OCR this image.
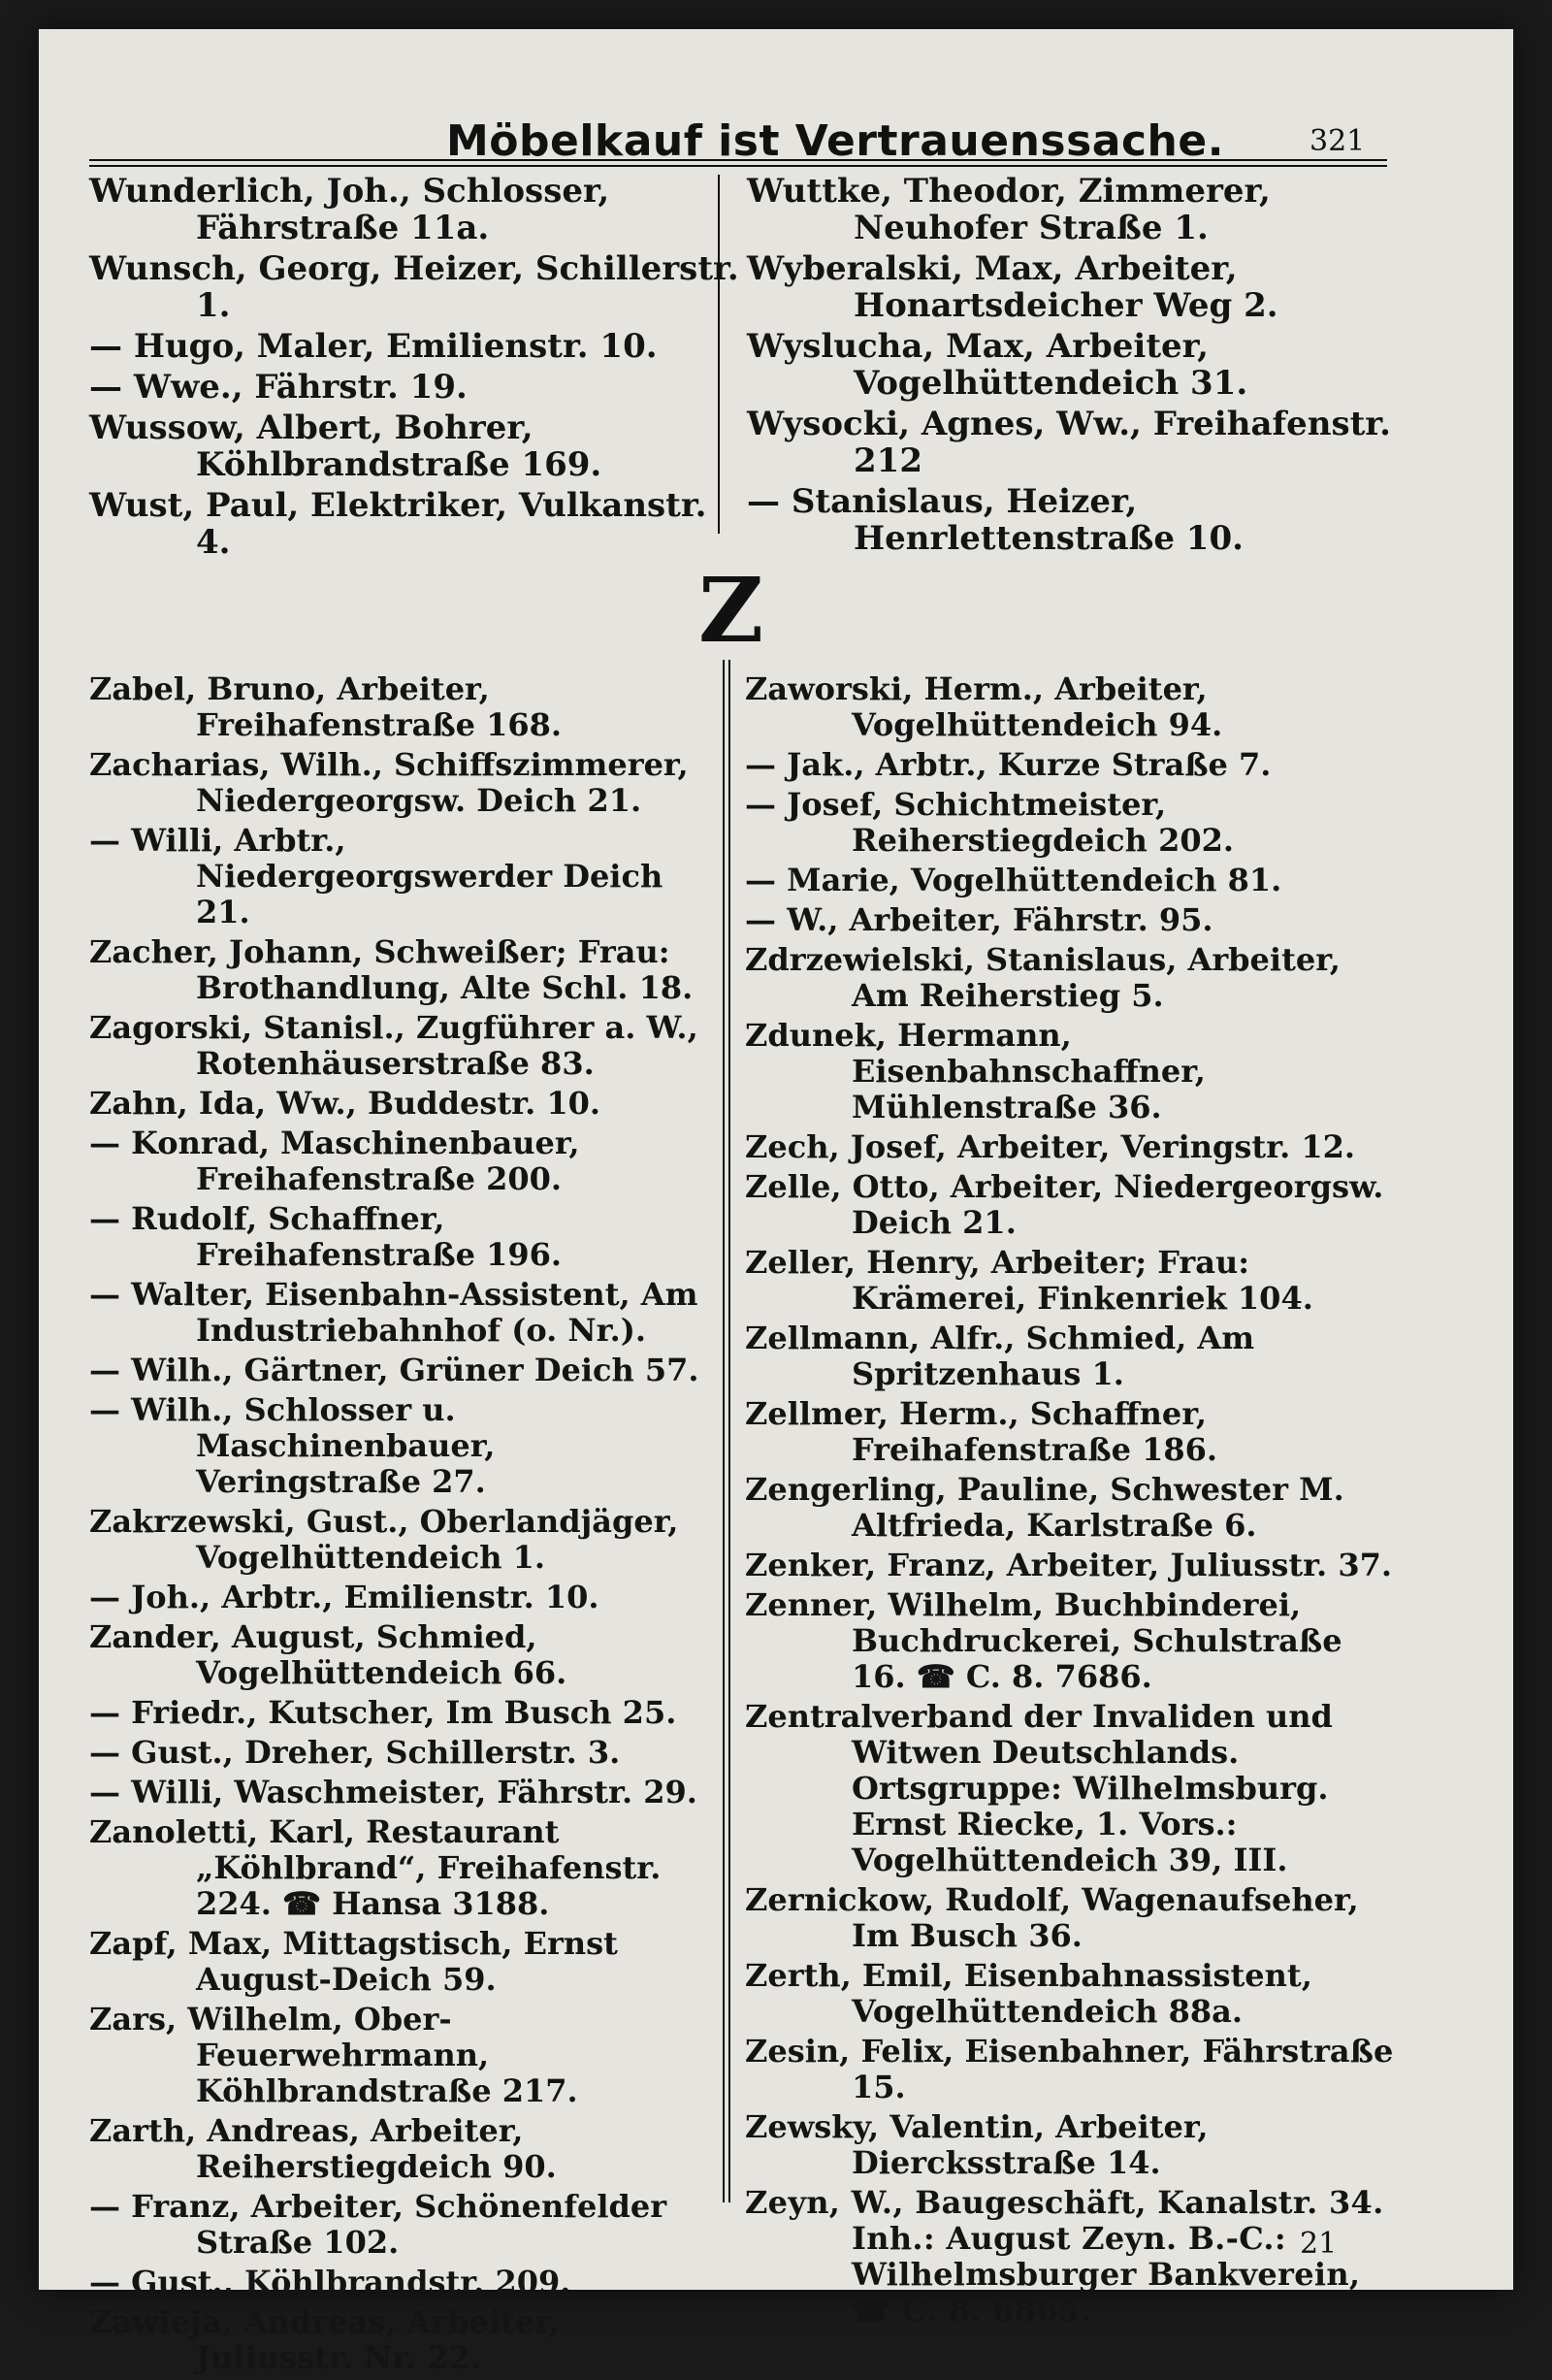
Möbelkauf ist Vertrauenssache.	321
Wunderlich, Joh., Schlosser, Fährstraße 11a.
Wunsch, Georg, Heizer, Schillerstr. 1.
— Hugo, Maler, Emilienstr. 10.
— Wwe., Fährstr. 19.
Wussow, Albert, Bohrer, Köhlbrandstraße 169.
Wust, Paul, Elektriker, Vulkanstr. 4.
Wuttke, Theodor, Zimmerer, Neuhofer Straße 1.
Wyberalski, Max, Arbeiter, Honartsdeicher Weg 2.
Wyslucha, Max, Arbeiter, Vogelhüttendeich 31.
Wysocki, Agnes, Ww., Freihafenstr. 212
— Stanislaus, Heizer, Henrlettenstraße 10.
Z
Zabel, Bruno, Arbeiter, Freihafenstraße 168.
Zacharias, Wilh., Schiffszimmerer, Niedergeorgsw. Deich 21.
— Willi, Arbtr., Niedergeorgswerder Deich 21.
Zacher, Johann, Schweißer; Frau: Brothandlung, Alte Schl. 18.
Zagorski, Stanisl., Zugführer a. W., Rotenhäuserstraße 83.
Zahn, Ida, Ww., Buddestr. 10.
— Konrad, Maschinenbauer, Freihafenstraße 200.
— Rudolf, Schaffner, Freihafenstraße 196.
— Walter, Eisenbahn-Assistent, Am Industriebahnhof (o. Nr.).
— Wilh., Gärtner, Grüner Deich 57.
— Wilh., Schlosser u. Maschinenbauer, Veringstraße 27.
Zakrzewski, Gust., Oberlandjäger, Vogelhüttendeich 1.
— Joh., Arbtr., Emilienstr. 10.
Zander, August, Schmied, Vogelhüttendeich 66.
— Friedr., Kutscher, Im Busch 25.
— Gust., Dreher, Schillerstr. 3.
— Willi, Waschmeister, Fährstr. 29.
Zanoletti, Karl, Restaurant „Köhlbrand“, Freihafenstr. 224. ☎ Hansa 3188.
Zapf, Max, Mittagstisch, Ernst August-Deich 59.
Zars, Wilhelm, Ober-Feuerwehrmann, Köhlbrandstraße 217.
Zarth, Andreas, Arbeiter, Reiherstiegdeich 90.
— Franz, Arbeiter, Schönenfelder Straße 102.
— Gust., Köhlbrandstr. 209.
Zawieja, Andreas, Arbeiter, Juliusstr. Nr. 22.
Zaworski, Herm., Arbeiter, Vogelhüttendeich 94.
— Jak., Arbtr., Kurze Straße 7.
— Josef, Schichtmeister, Reiherstiegdeich 202.
— Marie, Vogelhüttendeich 81.
— W., Arbeiter, Fährstr. 95.
Zdrzewielski, Stanislaus, Arbeiter, Am Reiherstieg 5.
Zdunek, Hermann, Eisenbahnschaffner, Mühlenstraße 36.
Zech, Josef, Arbeiter, Veringstr. 12.
Zelle, Otto, Arbeiter, Niedergeorgsw. Deich 21.
Zeller, Henry, Arbeiter; Frau: Krämerei, Finkenriek 104.
Zellmann, Alfr., Schmied, Am Spritzenhaus 1.
Zellmer, Herm., Schaffner, Freihafenstraße 186.
Zengerling, Pauline, Schwester M. Altfrieda, Karlstraße 6.
Zenker, Franz, Arbeiter, Juliusstr. 37.
Zenner, Wilhelm, Buchbinderei, Buchdruckerei, Schulstraße 16. ☎ C. 8. 7686.
Zentralverband der Invaliden und Witwen Deutschlands. Ortsgruppe: Wilhelmsburg. Ernst Riecke, 1. Vors.: Vogelhüttendeich 39, III.
Zernickow, Rudolf, Wagenaufseher, Im Busch 36.
Zerth, Emil, Eisenbahnassistent, Vogelhüttendeich 88a.
Zesin, Felix, Eisenbahner, Fährstraße 15.
Zewsky, Valentin, Arbeiter, Diercksstraße 14.
Zeyn, W., Baugeschäft, Kanalstr. 34. Inh.: August Zeyn. B.-C.: Wilhelmsburger Bankverein, ☎ C. 8. 6865.
21
